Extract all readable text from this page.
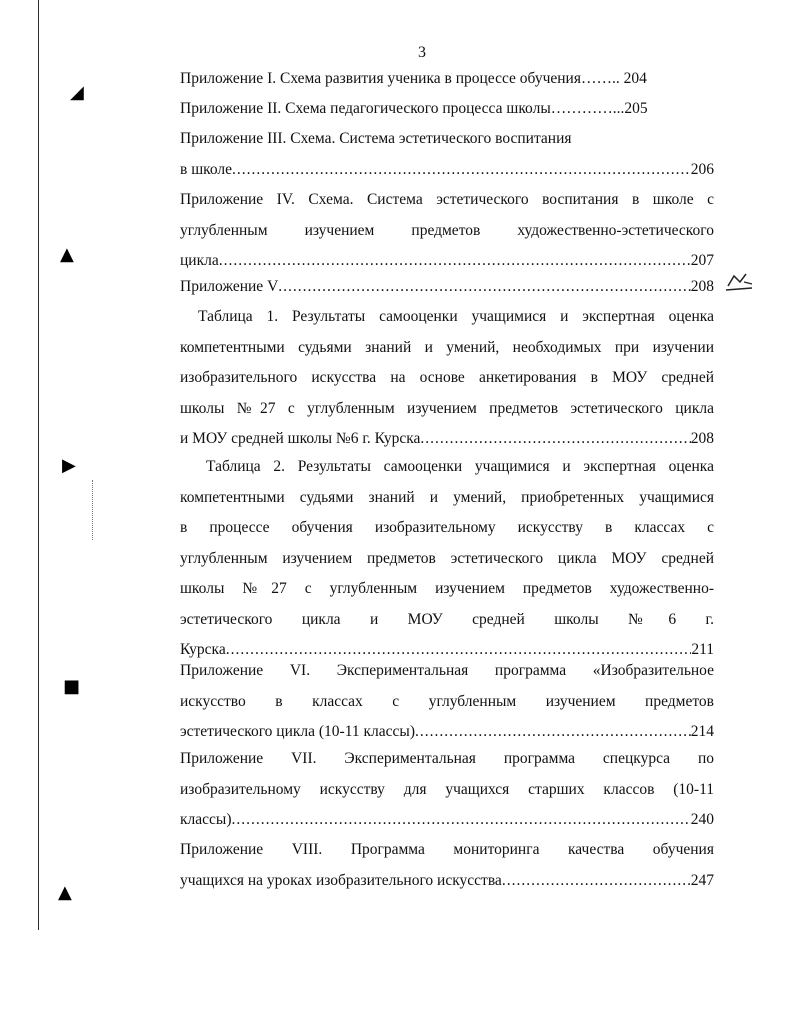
3
◢
▲
▶
■
▲
Приложение I. Схема развития ученика в процессе обучения…….. 204
Приложение II. Схема педагогического процесса школы…………...205
Приложение III. Схема. Система эстетического воспитания
в школе .....	206
Приложение IV. Схема. Система эстетического воспитания в школе с
углубленным изучением предметов художественно-эстетического
цикла .....	207
Приложение V .....	208
Таблица 1. Результаты самооценки учащимися и экспертная оценка
компетентными судьями знаний и умений, необходимых при изучении
изобразительного искусства на основе анкетирования в МОУ средней
школы №27 с углубленным изучением предметов эстетического цикла
и МОУ средней школы №6 г. Курска .....	208
Таблица 2. Результаты самооценки учащимися и экспертная оценка
компетентными судьями знаний и умений, приобретенных учащимися
в процессе обучения изобразительному искусству в классах с
углубленным изучением предметов эстетического цикла МОУ средней
школы №27 с углубленным изучением предметов художественно-
эстетического цикла и МОУ средней школы №6 г.
Курска .....	211
Приложение VI. Экспериментальная программа «Изобразительное
искусство в классах с углубленным изучением предметов
эстетического цикла (10-11 классы) .....	214
Приложение VII. Экспериментальная программа спецкурса по
изобразительному искусству для учащихся старших классов (10-11
классы) .....	240
Приложение VIII. Программа мониторинга качества обучения
учащихся на уроках изобразительного искусства .....	247
